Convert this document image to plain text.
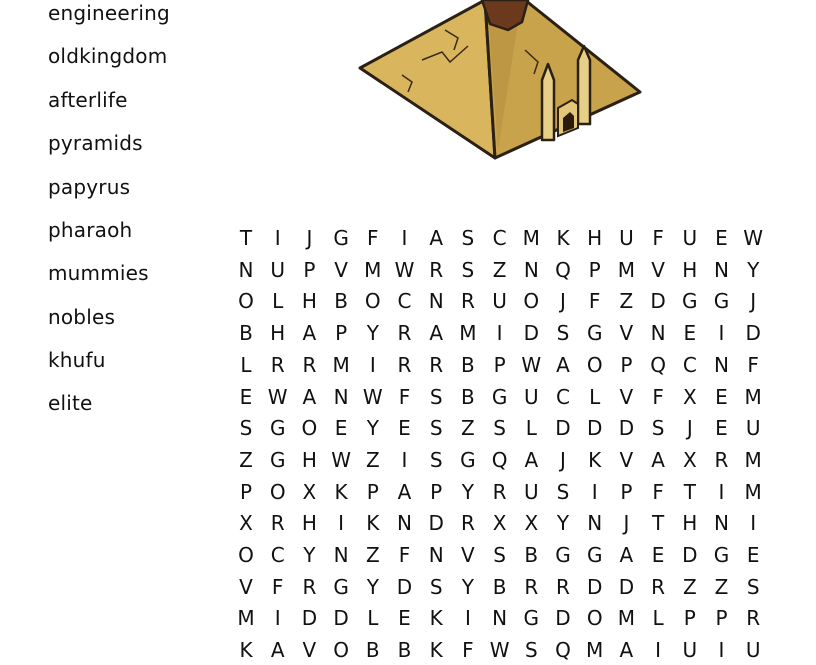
engineering
oldkingdom
afterlife
pyramids
papyrus
pharaoh
mummies
nobles
khufu
elite
T	I	J	G F	I	A S C M K H U F U E W
N U P V M W R S Z N Q P M V H N Y
O L H B O C N R U O	J	F Z D G G	J
B H A P Y R A M	I	D S G V N E	I	D
L R R M	I	R R B P W A O P Q C N F
E W A N W F S B G U C L V F X E M
S G O E Y E S Z S L D D D S	J	E U
Z G H W Z	I	S G Q A	J	K V A X R M
P O X K P A P Y R U S	I	P F T	I	M
X R H	I	K N D R X X Y N	J	T H N	I
O C Y N Z F N V S B G G A E D G E
V F R G Y D S Y B R R D D R Z Z S
M	I	D D L E K	I	N G D O M L	P P R
K A V O B B K F W S Q M A	I	U	I	U
